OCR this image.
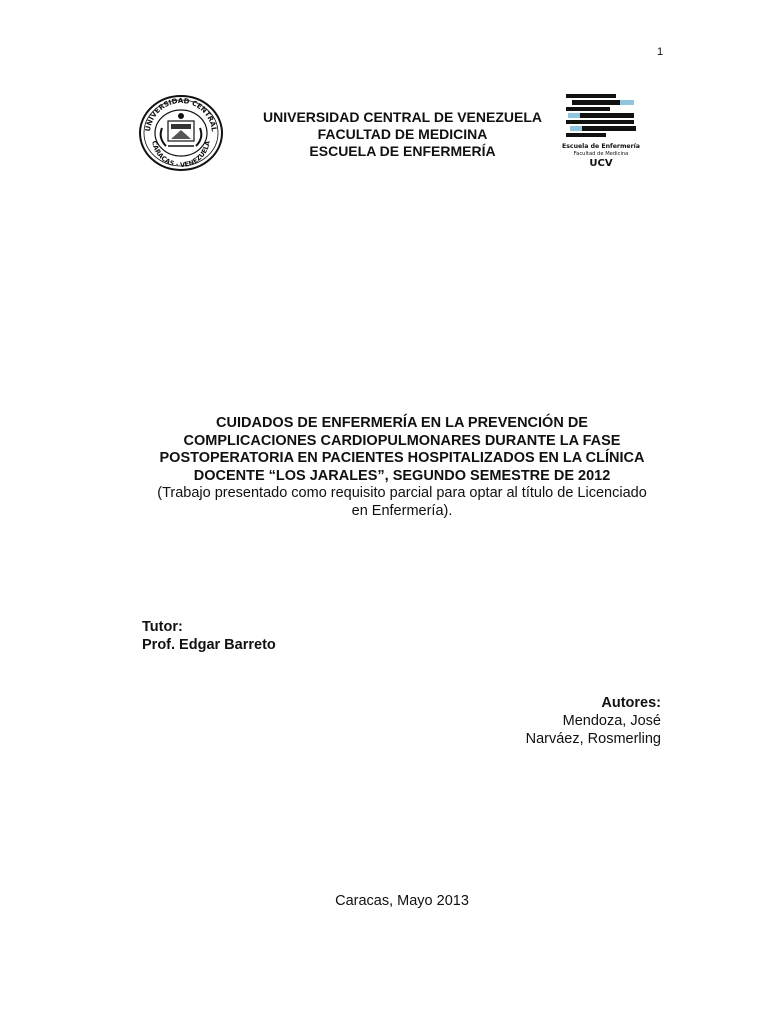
1
UNIVERSIDAD CENTRAL
CARACAS · VENEZUELA
UNIVERSIDAD CENTRAL DE VENEZUELA
FACULTAD DE MEDICINA
ESCUELA DE ENFERMERÍA	Escuela de Enfermería
Facultad de Medicina
UCV
CUIDADOS DE ENFERMERÍA EN LA PREVENCIÓN DE
COMPLICACIONES CARDIOPULMONARES DURANTE LA FASE
POSTOPERATORIA EN PACIENTES HOSPITALIZADOS EN LA CLÍNICA
DOCENTE “LOS JARALES”, SEGUNDO SEMESTRE DE 2012
(Trabajo presentado como requisito parcial para optar al título de Licenciado
en Enfermería).
Tutor:
Prof. Edgar Barreto
Autores:
Mendoza, José
Narváez, Rosmerling
Caracas, Mayo 2013
